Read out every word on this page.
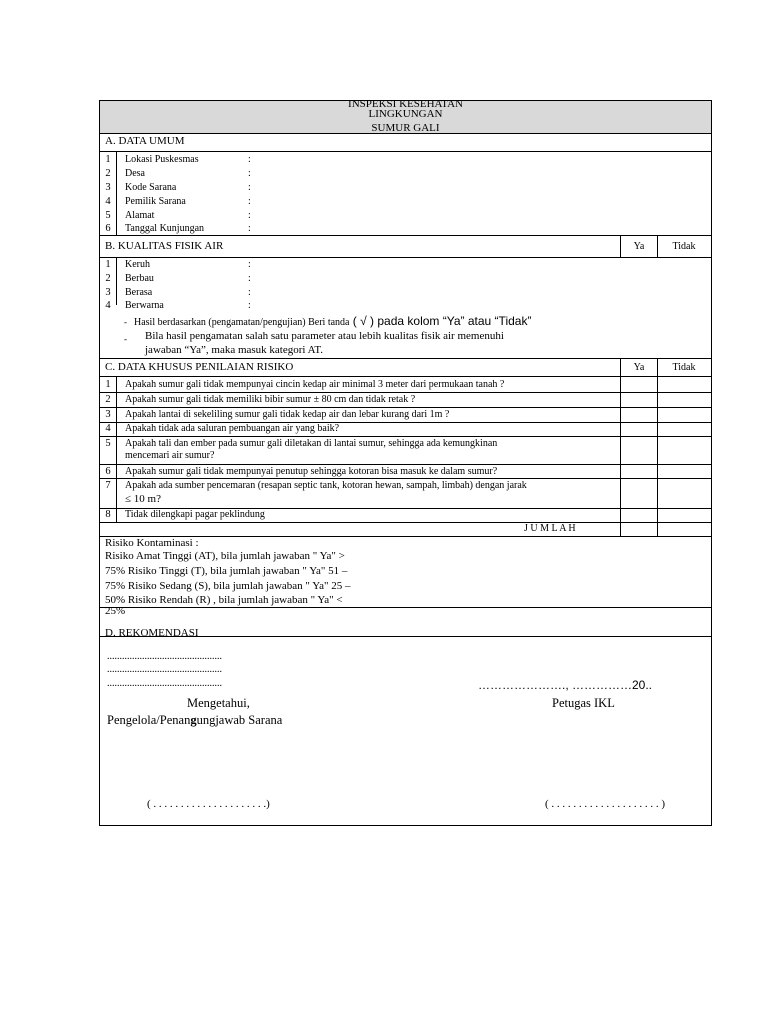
INSPEKSI KESEHATAN
LINGKUNGAN
SUMUR GALI
A. DATA UMUM
1	Lokasi Puskesmas	:
2	Desa	:
3	Kode Sarana	:
4	Pemilik Sarana	:
5	Alamat	:
6	Tanggal Kunjungan	:
B. KUALITAS FISIK AIR	Ya	Tidak
1	Keruh	:
2	Berbau	:
3	Berasa	:
4	Berwarna	:
- Hasil berdasarkan (pengamatan/pengujian) Beri tanda ( √ ) pada kolom “Ya” atau “Tidak”
- Bila hasil pengamatan salah satu parameter atau lebih kualitas fisik air memenuhi
jawaban “Ya”, maka masuk kategori AT.
C. DATA KHUSUS PENILAIAN RISIKO	Ya	Tidak
1	Apakah sumur gali tidak mempunyai cincin kedap air minimal 3 meter dari permukaan tanah ?
2	Apakah sumur gali tidak memiliki bibir sumur ± 80 cm dan tidak retak ?
3	Apakah lantai di sekeliling sumur gali tidak kedap air dan lebar kurang dari 1m ?
4	Apakah tidak ada saluran pembuangan air yang baik?
5	Apakah tali dan ember pada sumur gali diletakan di lantai sumur, sehingga ada kemungkinan
mencemari air sumur?
6	Apakah sumur gali tidak mempunyai penutup sehingga kotoran bisa masuk ke dalam sumur?
7	Apakah ada sumber pencemaran (resapan septic tank, kotoran hewan, sampah, limbah) dengan jarak
≤ 10 m?
8	Tidak dilengkapi pagar peklindung
J U M L A H
Risiko Kontaminasi :
Risiko Amat Tinggi (AT), bila jumlah jawaban " Ya" >
75% Risiko Tinggi (T), bila jumlah jawaban " Ya" 51 –
75% Risiko Sedang (S), bila jumlah jawaban " Ya" 25 –
50% Risiko Rendah (R) , bila jumlah jawaban " Ya" <
25%
D. REKOMENDASI
..............................................
..............................................
..............................................	…………………., ……………20..
Mengetahui,
Pengelola/Penangungjawab Sarana
Petugas IKL
( . . . . . . . . . . . . . . . . . . . . .)	( . . . . . . . . . . . . . . . . . . . . )
